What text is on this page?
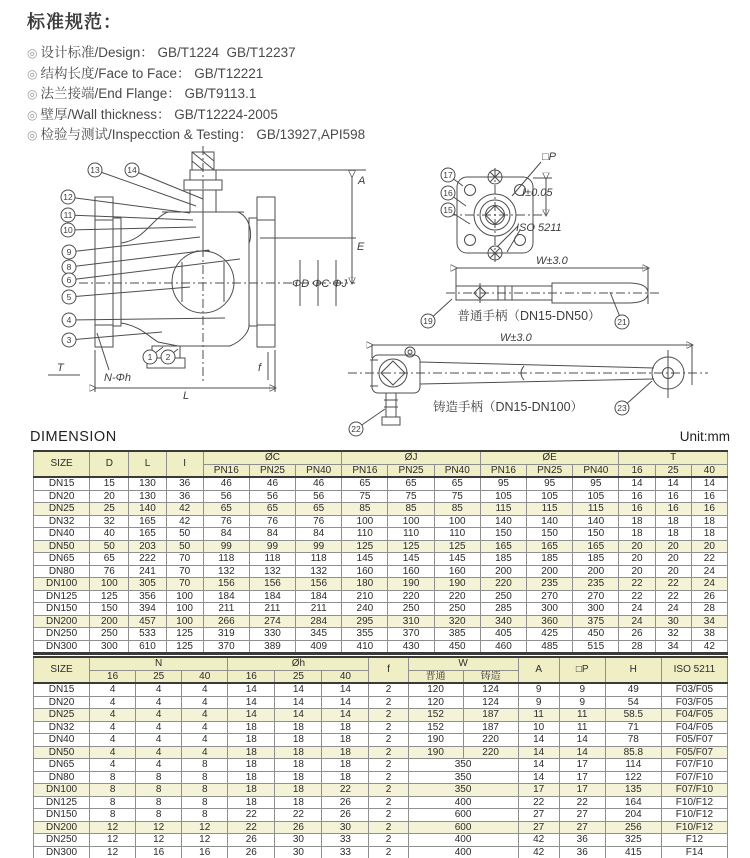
标准规范：
◎ 设计标准/Design： GB/T1224  GB/T12237
◎ 结构长度/Face to Face： GB/T12221
◎ 法兰接端/End Flange： GB/T9113.1
◎ 壁厚/Wall thickness： GB/T12224-2005
◎ 检验与测试/Inspecction & Testing： GB/13927,API598
A
E
ΦD ΦC ΦJ
L
T	f
N-Φh
13	14
12
11
10
9
8
6
5
4
3
1 2
□P
I±0.05
ISO 5211
17
16
15
W±3.0
普通手柄（DN15-DN50）
19	21
W±3.0
铸造手柄（DN15-DN100）
22
23
DIMENSION	Unit:mm
SIZE	D	L	I	ØC			ØJ			ØE			T		
				PN16	PN25	PN40	PN16	PN25	PN40	PN16	PN25	PN40	16	25	40
DN15	15	130	36	46	46	46	65	65	65	95	95	95	14	14	14
DN20	20	130	36	56	56	56	75	75	75	105	105	105	16	16	16
DN25	25	140	42	65	65	65	85	85	85	115	115	115	16	16	16
DN32	32	165	42	76	76	76	100	100	100	140	140	140	18	18	18
DN40	40	165	50	84	84	84	110	110	110	150	150	150	18	18	18
DN50	50	203	50	99	99	99	125	125	125	165	165	165	20	20	20
DN65	65	222	70	118	118	118	145	145	145	185	185	185	20	20	22
DN80	76	241	70	132	132	132	160	160	160	200	200	200	20	20	24
DN100	100	305	70	156	156	156	180	190	190	220	235	235	22	22	24
DN125	125	356	100	184	184	184	210	220	220	250	270	270	22	22	26
DN150	150	394	100	211	211	211	240	250	250	285	300	300	24	24	28
DN200	200	457	100	266	274	284	295	310	320	340	360	375	24	30	34
DN250	250	533	125	319	330	345	355	370	385	405	425	450	26	32	38
DN300	300	610	125	370	389	409	410	430	450	460	485	515	28	34	42
SIZE	N			Øh			f	W		A	□P	H	ISO 5211
	16	25	40	16	25	40		普通	铸造				
DN15	4	4	4	14	14	14	2	120	124	9	9	49	F03/F05
DN20	4	4	4	14	14	14	2	120	124	9	9	54	F03/F05
DN25	4	4	4	14	14	14	2	152	187	11	11	58.5	F04/F05
DN32	4	4	4	18	18	18	2	152	187	10	11	71	F04/F05
DN40	4	4	4	18	18	18	2	190	220	14	14	78	F05/F07
DN50	4	4	4	18	18	18	2	190	220	14	14	85.8	F05/F07
DN65	4	4	8	18	18	18	2	350		14	17	114	F07/F10
DN80	8	8	8	18	18	18	2	350		14	17	122	F07/F10
DN100	8	8	8	18	18	22	2	350		17	17	135	F07/F10
DN125	8	8	8	18	18	26	2	400		22	22	164	F10/F12
DN150	8	8	8	22	22	26	2	600		27	27	204	F10/F12
DN200	12	12	12	22	26	30	2	600		27	27	256	F10/F12
DN250	12	12	12	26	30	33	2	400		42	36	325	F12
DN300	12	16	16	26	30	33	2	400		42	36	415	F14
